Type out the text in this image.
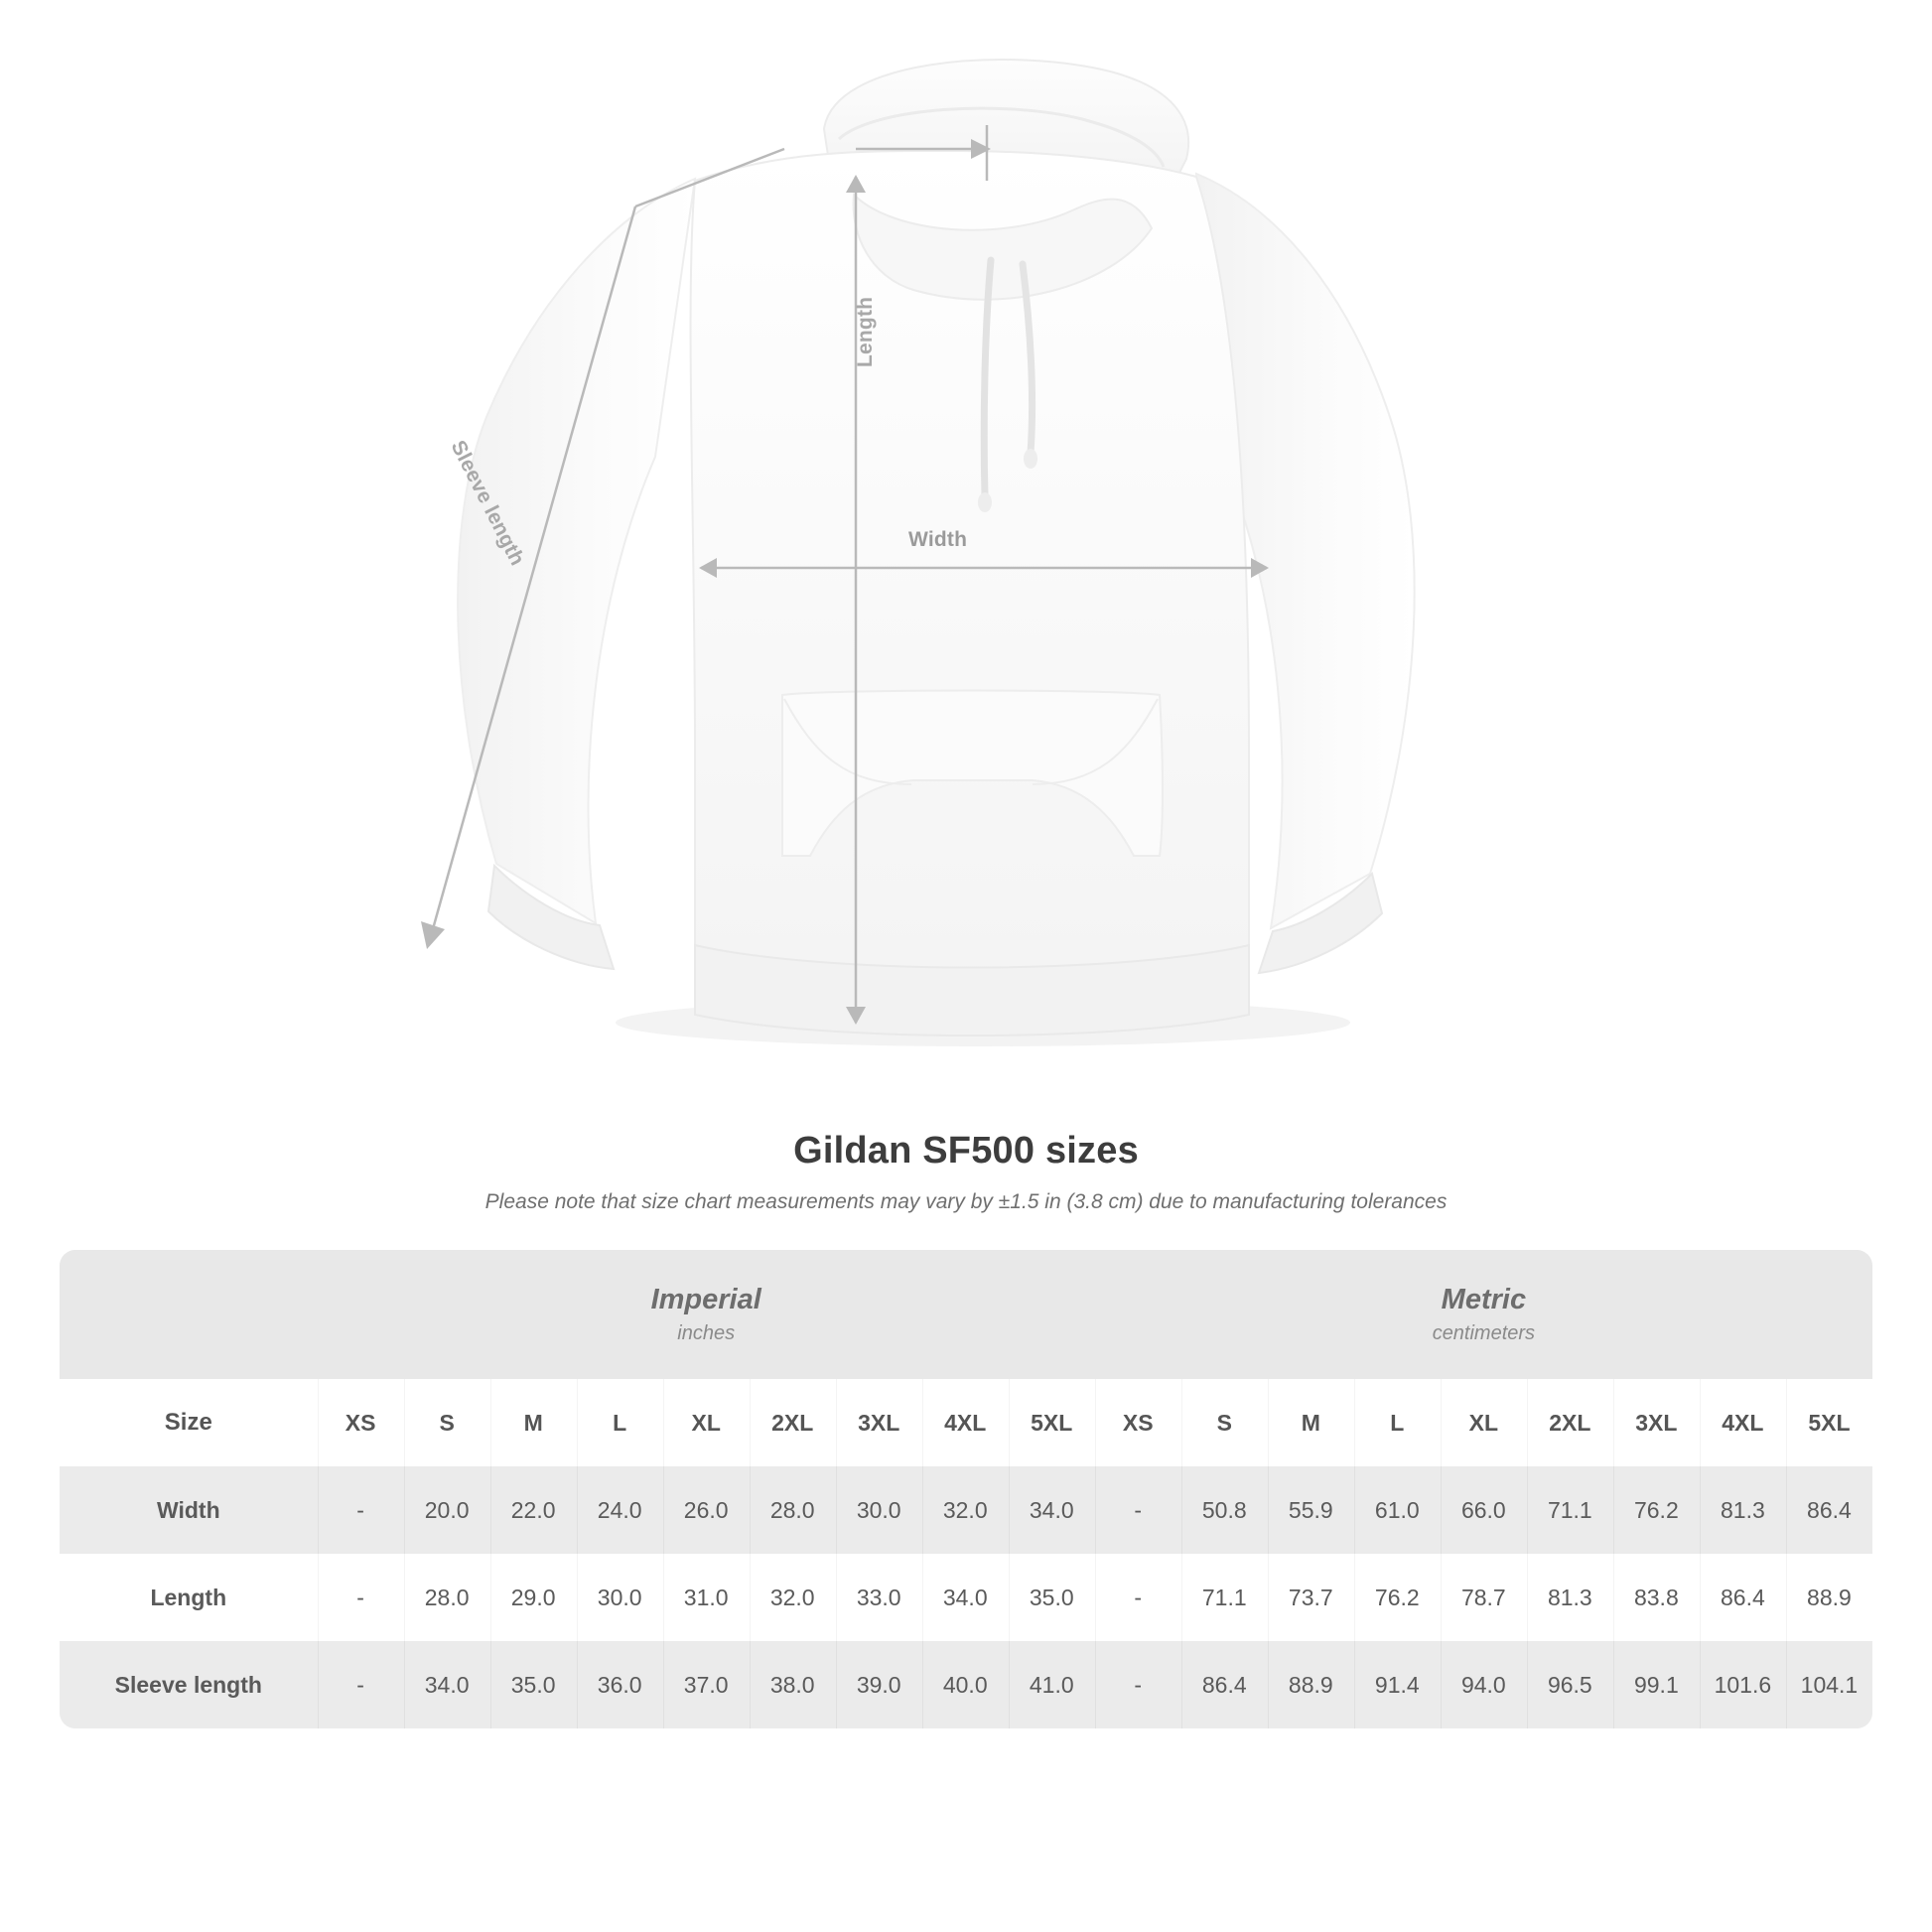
Width
Length
Sleeve length
Gildan SF500 sizes
Please note that size chart measurements may vary by ±1.5 in (3.8 cm) due to manufacturing tolerances

Imperial
inches

Metric
centimeters

Size	XS	S	M	L	XL	2XL	3XL	4XL	5XL	XS	S	M	L	XL	2XL	3XL	4XL	5XL
Width	-	20.0	22.0	24.0	26.0	28.0	30.0	32.0	34.0	-	50.8	55.9	61.0	66.0	71.1	76.2	81.3	86.4
Length	-	28.0	29.0	30.0	31.0	32.0	33.0	34.0	35.0	-	71.1	73.7	76.2	78.7	81.3	83.8	86.4	88.9
Sleeve length	-	34.0	35.0	36.0	37.0	38.0	39.0	40.0	41.0	-	86.4	88.9	91.4	94.0	96.5	99.1	101.6	104.1
